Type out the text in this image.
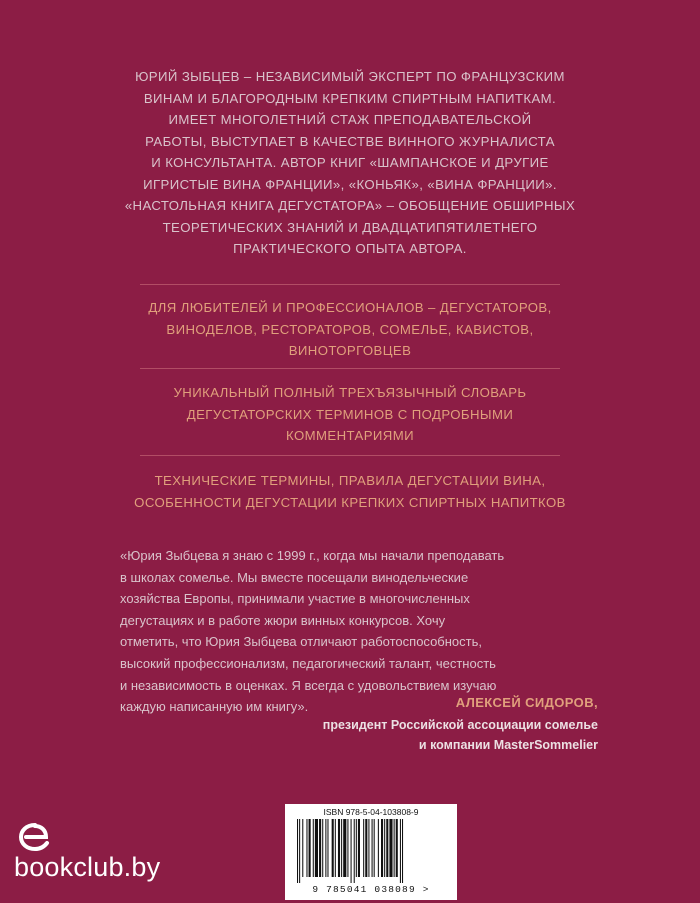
ЮРИЙ ЗЫБЦЕВ – НЕЗАВИСИМЫЙ ЭКСПЕРТ ПО ФРАНЦУЗСКИМ
ВИНАМ И БЛАГОРОДНЫМ КРЕПКИМ СПИРТНЫМ НАПИТКАМ.
ИМЕЕТ МНОГОЛЕТНИЙ СТАЖ ПРЕПОДАВАТЕЛЬСКОЙ
РАБОТЫ, ВЫСТУПАЕТ В КАЧЕСТВЕ ВИННОГО ЖУРНАЛИСТА
И КОНСУЛЬТАНТА. АВТОР КНИГ «ШАМПАНСКОЕ И ДРУГИЕ
ИГРИСТЫЕ ВИНА ФРАНЦИИ», «КОНЬЯК», «ВИНА ФРАНЦИИ».
«НАСТОЛЬНАЯ КНИГА ДЕГУСТАТОРА» – ОБОБЩЕНИЕ ОБШИРНЫХ
ТЕОРЕТИЧЕСКИХ ЗНАНИЙ И ДВАДЦАТИПЯТИЛЕТНЕГО
ПРАКТИЧЕСКОГО ОПЫТА АВТОРА.
ДЛЯ ЛЮБИТЕЛЕЙ И ПРОФЕССИОНАЛОВ – ДЕГУСТАТОРОВ,
ВИНОДЕЛОВ, РЕСТОРАТОРОВ, СОМЕЛЬЕ, КАВИСТОВ,
ВИНОТОРГОВЦЕВ
УНИКАЛЬНЫЙ ПОЛНЫЙ ТРЕХЪЯЗЫЧНЫЙ СЛОВАРЬ
ДЕГУСТАТОРСКИХ ТЕРМИНОВ С ПОДРОБНЫМИ
КОММЕНТАРИЯМИ
ТЕХНИЧЕСКИЕ ТЕРМИНЫ, ПРАВИЛА ДЕГУСТАЦИИ ВИНА,
ОСОБЕННОСТИ ДЕГУСТАЦИИ КРЕПКИХ СПИРТНЫХ НАПИТКОВ
«Юрия Зыбцева я знаю с 1999 г., когда мы начали преподавать
в школах сомелье. Мы вместе посещали винодельческие
хозяйства Европы, принимали участие в многочисленных
дегустациях и в работе жюри винных конкурсов. Хочу
отметить, что Юрия Зыбцева отличают работоспособность,
высокий профессионализм, педагогический талант, честность
и независимость в оценках. Я всегда с удовольствием изучаю
каждую написанную им книгу».	АЛЕКСЕЙ СИДОРОВ,
президент Российской ассоциации сомелье
и компании MasterSommelier
bookclub.by
ISBN 978-5-04-103808-9
9 785041 038089 >
